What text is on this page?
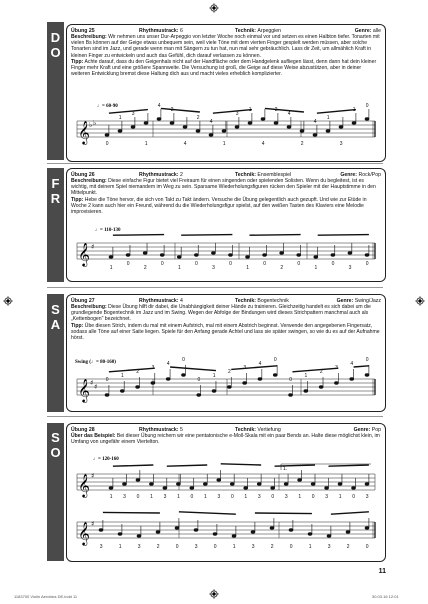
D
O
Übung 25	Rhythmustrack: 6	Technik: Arpeggien	Genre: alle
Beschreibung: Wir nehmen uns unser Dur-Arpeggio von letzter Woche noch einmal vor und setzen es einen Halbton tiefer. Tonarten mit vielen Bs können auf der Geige etwas unbequem sein, weil viele Töne mit dem vierten Finger gespielt werden müssen, aber solche Tonarten sind im Jazz, und gerade wenn man mit Sängern zu tun hat, nun mal sehr gebräuchlich. Lass dir Zeit, um allmählich Kraft in kleinen Finger zu entwickeln und auch das Gefühl, dich darauf verlassen zu können.
Tipp: Achte darauf, dass du den Geigenhals nicht auf der Handfläche oder dem Handgelenk aufliegen lässt, denn dann hat dein kleiner Finger mehr Kraft und eine größere Spannweite. Die Versuchung ist groß, die Geige auf diese Weise abzustützen, aber in deiner weiteren Entwicklung bremst diese Haltung dich aus und macht vieles erheblich komplizierter.
♩= 60-90
𝄞 ♭ ♭
0
1
3
1
4
2
4
2
4
1
3
1
4
2
4
2
4
1
3
1
0
F
R
Übung 26	Rhythmustrack: 2	Technik: Ensemblespiel	Genre: Rock/Pop
Beschreibung: Diese einfache Figur bietet viel Freiraum für einen singenden oder spielenden Solisten. Wenn du begleitest, ist es wichtig, mit deinem Spiel niemandem im Weg zu sein. Sparsame Wiederholungsfiguren rücken den Spieler mit der Hauptstimme in den Mittelpunkt.
Tipp: Hebe die Töne hervor, die sich von Takt zu Takt ändern. Versuche die Übung gelegentlich auch gezupft. Und wie zur Etüde in Woche 2 kann auch hier ein Freund, während du die Wiederholungsfigur spielst, auf den weißen Tasten des Klaviers eine Melodie improvisieren.
♩= 110-130
𝄞 ♯
1
0
2
0
1
0
3
0
1
0
2
0
1
0
3
0
S
A
Übung 27	Rhythmustrack: 4	Technik: Bogentechnik	Genre: Swing/Jazz
Beschreibung: Diese Übung hilft dir dabei, die Unabhängigkeit deiner Hände zu trainieren. Gleichzeitig handelt es sich dabei um die grundlegende Bogentechnik im Jazz und im Swing. Wegen der Abfolge der Bindungen wird dieses Strichpattern manchmal auch als „Kettenbogen" bezeichnet.
Tipp: Übe diesen Strich, indem du mal mit einem Aufstrich, mal mit einem Abstrich beginnst. Verwende den angegebenen Fingersatz, sodass alle Töne auf einer Saite liegen. Spiele für den Anfang gerade Achtel und lass sie später swingen, so wie du es auf der Aufnahme hörst.
Swing (♩= 80-160)
𝄞 ♯ ♯
0
1
2
3
4
0
0
1
2
3
4
0
0
1
2
3
4
0
S
O
Übung 28	Rhythmustrack: 5	Technik: Vertiefung	Genre: Pop
Über das Beispiel: Bei dieser Übung reichern wir eine pentatonische e-Moll-Skala mit ein paar Bends an. Halte diese möglichst klein, im Umfang von ungefähr einem Viertelton.
♩= 120-160
1.
𝄞
𝄞
♯
♯
1 3 0 1 3 1 0 1 3 0 1 3 0 3 1 0 3 1 0 3
3	1	3	2	0	3	0	1	3	2	0	1	3	2	0
11
1183700 Violin Aerobics DE.indd 11	30.03.16 12:01
